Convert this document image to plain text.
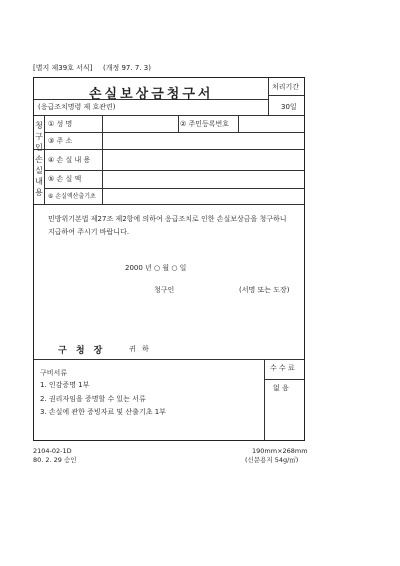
[별지 제39호 서식] (개정 97. 7. 3)
손실보상금청구서
(응급조치명령 제 호관련)
처리기간
30일
청구인
손실내용
① 성 명	② 주민등록번호
③ 주 소
④ 손 실 내 용
⑤ 손 실 액
⑥ 손실액산출기초
민방위기본법 제27조 제2항에 의하여 응급조치로 인한 손실보상금을 청구하니
지급하여 주시기 바랍니다.
2000 년 ○ 월 ○ 일
청구인	(서명 또는 도장)
구 청 장	귀 하
구비서류
1. 인감증명 1부
2. 권리자임을 증명할 수 있는 서류
3. 손실에 관한 증빙자료 및 산출기초 1부
수 수 료
없 음
2104-02-1D
80. 2. 29 승인
190mm×268mm
(신문용지 54g/㎡)
